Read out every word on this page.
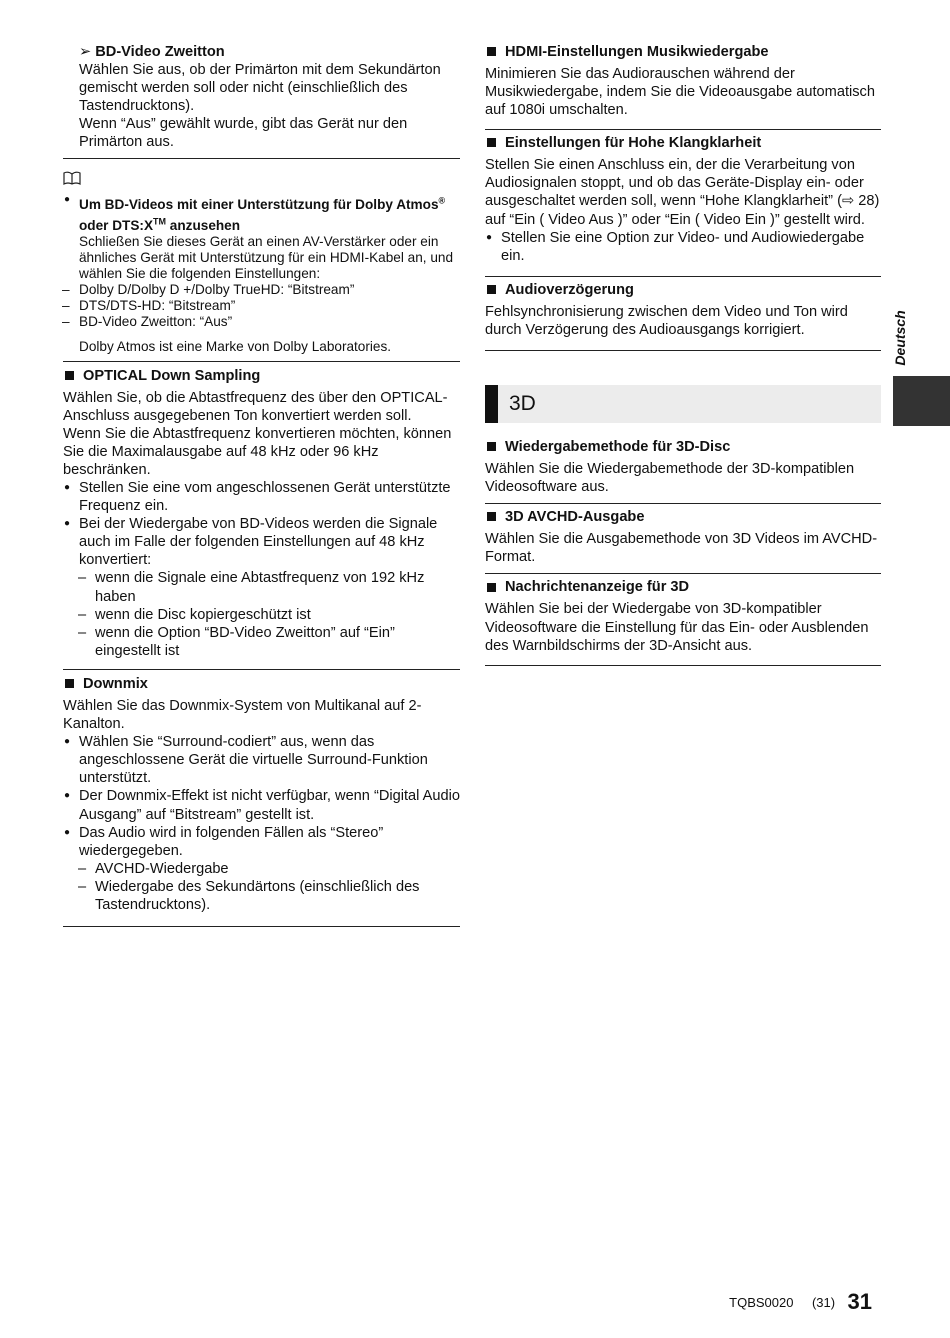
➢ BD-Video Zweitton

Wählen Sie aus, ob der Primärton mit dem Sekundärton gemischt werden soll oder nicht (einschließlich des Tastendrucktons).

Wenn “Aus” gewählt wurde, gibt das Gerät nur den Primärton aus.

● Um BD-Videos mit einer Unterstützung für Dolby Atmos® oder DTS:X™ anzusehen
Schließen Sie dieses Gerät an einen AV-Verstärker oder ein ähnliches Gerät mit Unterstützung für ein HDMI-Kabel an, und wählen Sie die folgenden Einstellungen:
– Dolby D/Dolby D +/Dolby TrueHD: “Bitstream”
– DTS/DTS-HD: “Bitstream”
– BD-Video Zweitton: “Aus”

Dolby Atmos ist eine Marke von Dolby Laboratories.

OPTICAL Down Sampling

Wählen Sie, ob die Abtastfrequenz des über den OPTICAL-Anschluss ausgegebenen Ton konvertiert werden soll.

Wenn Sie die Abtastfrequenz konvertieren möchten, können Sie die Maximalausgabe auf 48 kHz oder 96 kHz beschränken.

● Stellen Sie eine vom angeschlossenen Gerät unterstützte Frequenz ein.
● Bei der Wiedergabe von BD-Videos werden die Signale auch im Falle der folgenden Einstellungen auf 48 kHz konvertiert:
– wenn die Signale eine Abtastfrequenz von 192 kHz haben
– wenn die Disc kopiergeschützt ist
– wenn die Option “BD-Video Zweitton” auf “Ein” eingestellt ist
Downmix

Wählen Sie das Downmix-System von Multikanal auf 2-Kanalton.

● Wählen Sie “Surround-codiert” aus, wenn das angeschlossene Gerät die virtuelle Surround-Funktion unterstützt.
● Der Downmix-Effekt ist nicht verfügbar, wenn “Digital Audio Ausgang” auf “Bitstream” gestellt ist.
● Das Audio wird in folgenden Fällen als “Stereo” wiedergegeben.
– AVCHD-Wiedergabe
– Wiedergabe des Sekundärtons (einschließlich des Tastendrucktons).
HDMI-Einstellungen Musikwiedergabe

Minimieren Sie das Audiorauschen während der Musikwiedergabe, indem Sie die Videoausgabe automatisch auf 1080i umschalten.

Einstellungen für Hohe Klangklarheit

Stellen Sie einen Anschluss ein, der die Verarbeitung von Audiosignalen stoppt, und ob das Geräte-Display ein- oder ausgeschaltet werden soll, wenn “Hohe Klangklarheit” (⇨ 28) auf “Ein ( Video Aus )” oder “Ein ( Video Ein )” gestellt wird.

● Stellen Sie eine Option zur Video- und Audiowiedergabe ein.
Audioverzögerung

Fehlsynchronisierung zwischen dem Video und Ton wird durch Verzögerung des Audioausgangs korrigiert.

3D
Wiedergabemethode für 3D-Disc

Wählen Sie die Wiedergabemethode der 3D-kompatiblen Videosoftware aus.

3D AVCHD-Ausgabe

Wählen Sie die Ausgabemethode von 3D Videos im AVCHD-Format.

Nachrichtenanzeige für 3D

Wählen Sie bei der Wiedergabe von 3D-kompatibler Videosoftware die Einstellung für das Ein- oder Ausblenden des Warnbildschirms der 3D-Ansicht aus.

Deutsch
TQBS0020 (31) 31
